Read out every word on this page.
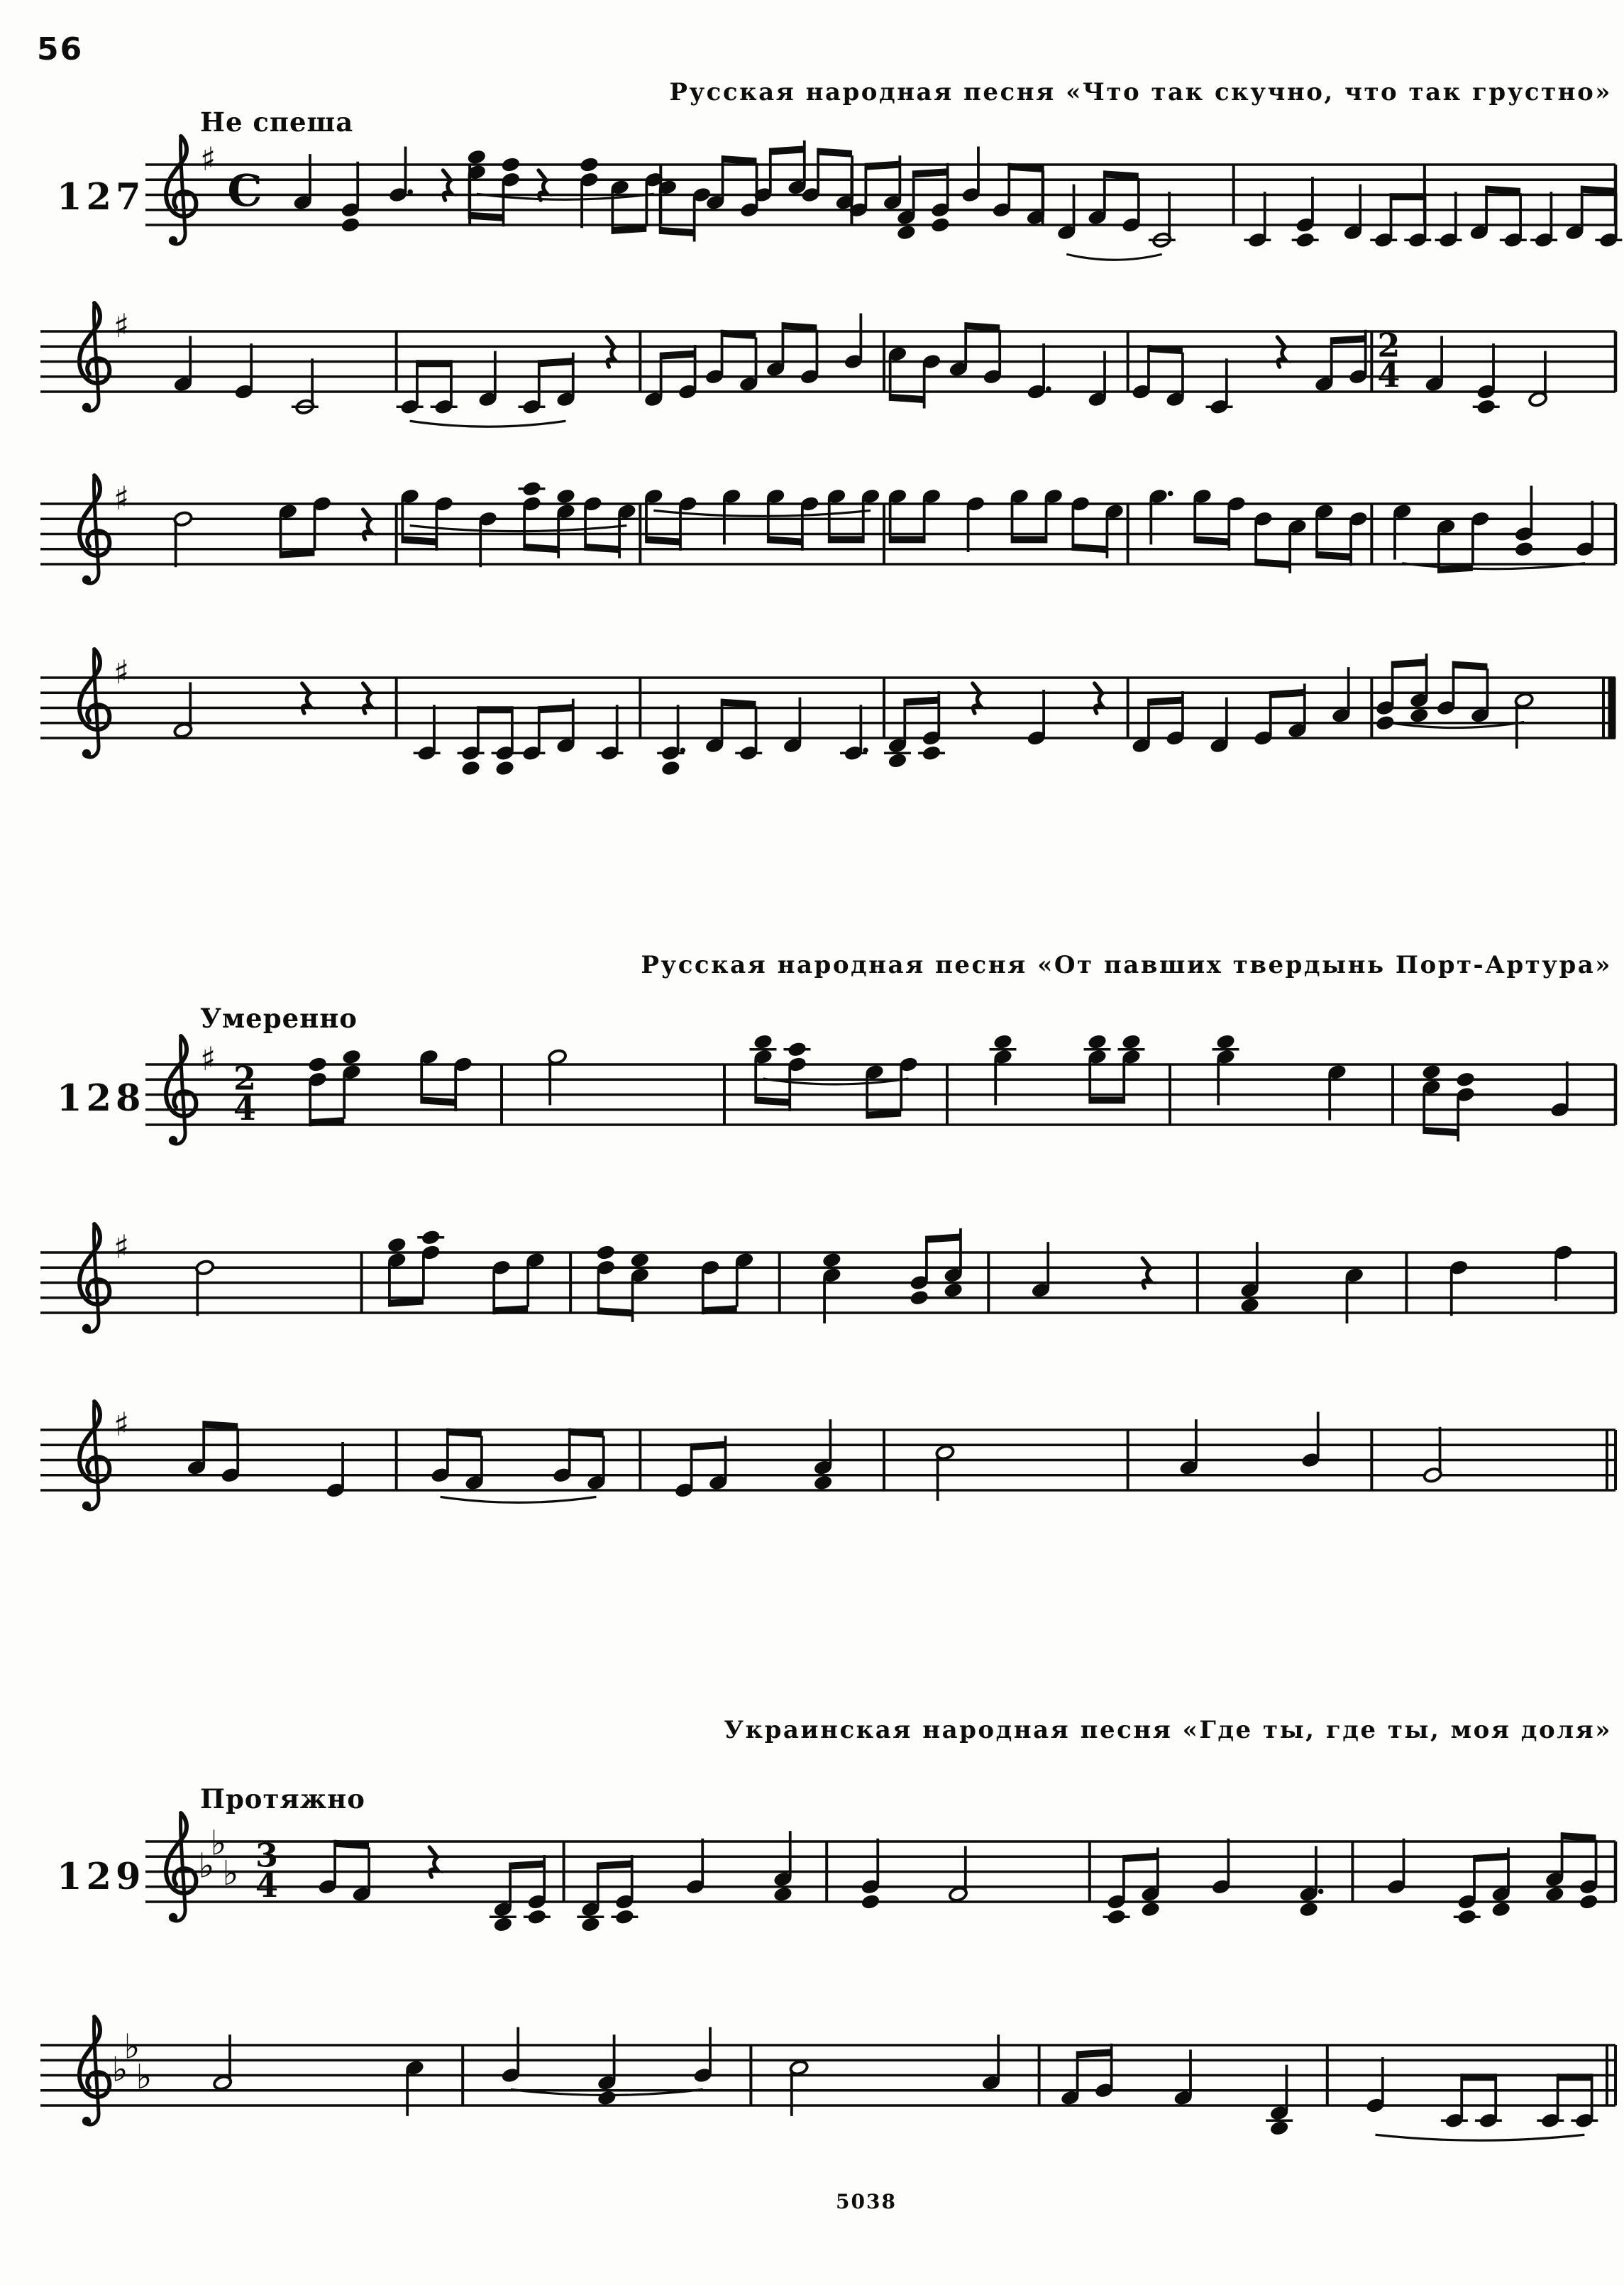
56
Русская народная песня «Что так скучно, что так грустно»
Не спеша
127
Русская народная песня «От павших твердынь Порт-Артура»
Умеренно
128
Украинская народная песня «Где ты, где ты, моя доля»
Протяжно
129
♯
C
♯
2
4
♯
♯
♯
2
4
♯
♯
♭
♭
♭ 3
4
♭
♭
♭
5038
